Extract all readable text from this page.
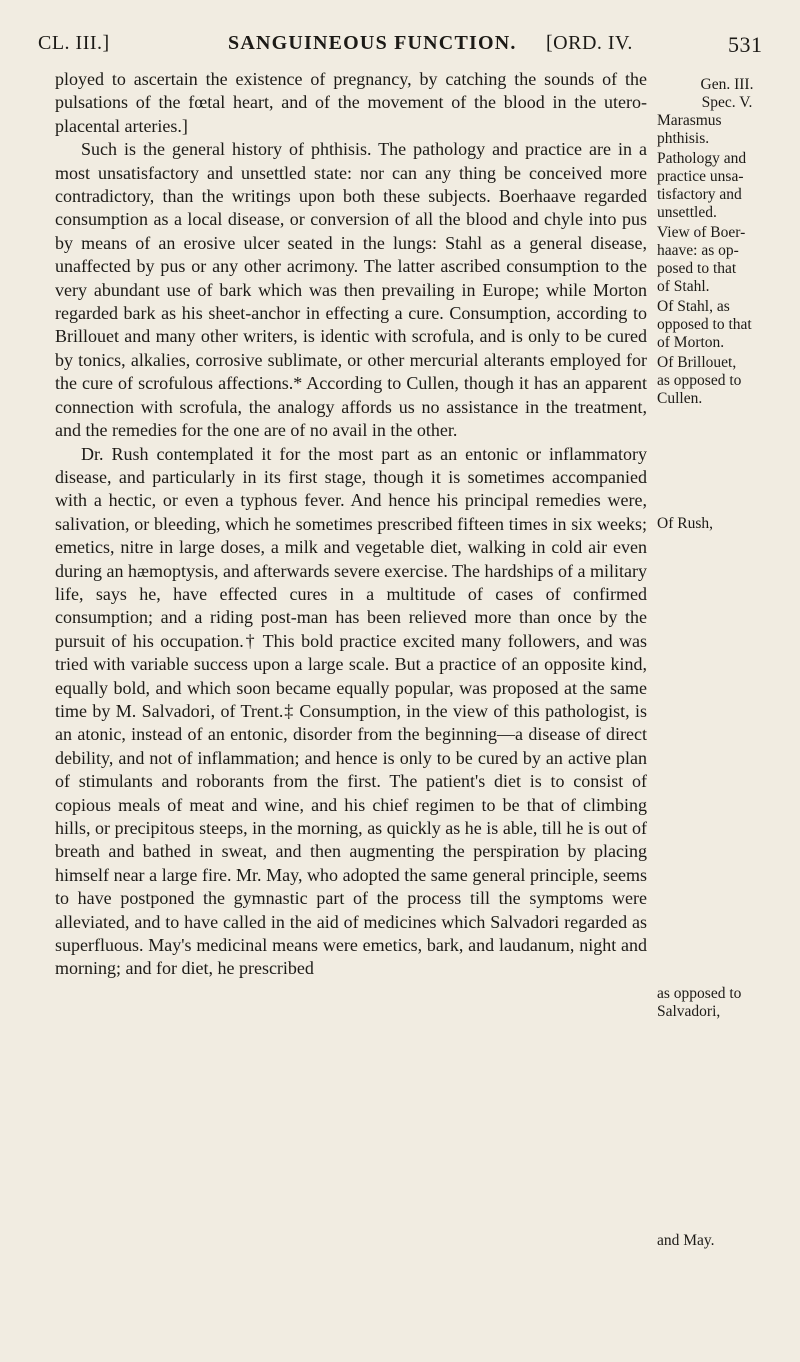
CL. III.]	SANGUINEOUS FUNCTION. [ORD. IV.	531

ployed to ascertain the existence of pregnancy, by catching the sounds of the pulsations of the fœtal heart, and of the movement of the blood in the utero-placental arteries.]

Such is the general history of phthisis. The pathology and practice are in a most unsatisfactory and unsettled state: nor can any thing be conceived more contradictory, than the writings upon both these subjects. Boerhaave regarded consumption as a local disease, or conversion of all the blood and chyle into pus by means of an erosive ulcer seated in the lungs: Stahl as a general disease, unaffected by pus or any other acrimony. The latter ascribed consumption to the very abundant use of bark which was then prevailing in Europe; while Morton regarded bark as his sheet-anchor in effecting a cure. Consumption, according to Brillouet and many other writers, is identic with scrofula, and is only to be cured by tonics, alkalies, corrosive sublimate, or other mercurial alterants employed for the cure of scrofulous affections.* According to Cullen, though it has an apparent connection with scrofula, the analogy affords us no assistance in the treatment, and the remedies for the one are of no avail in the other.

Dr. Rush contemplated it for the most part as an entonic or inflammatory disease, and particularly in its first stage, though it is sometimes accompanied with a hectic, or even a typhous fever. And hence his principal remedies were, salivation, or bleeding, which he sometimes prescribed fifteen times in six weeks; emetics, nitre in large doses, a milk and vegetable diet, walking in cold air even during an hæmoptysis, and afterwards severe exercise. The hardships of a military life, says he, have effected cures in a multitude of cases of confirmed consumption; and a riding post-man has been relieved more than once by the pursuit of his occupation.† This bold practice excited many followers, and was tried with variable success upon a large scale. But a practice of an opposite kind, equally bold, and which soon became equally popular, was proposed at the same time by M. Salvadori, of Trent.‡ Consumption, in the view of this pathologist, is an atonic, instead of an entonic, disorder from the beginning—a disease of direct debility, and not of inflammation; and hence is only to be cured by an active plan of stimulants and roborants from the first. The patient's diet is to consist of copious meals of meat and wine, and his chief regimen to be that of climbing hills, or precipitous steeps, in the morning, as quickly as he is able, till he is out of breath and bathed in sweat, and then augmenting the perspiration by placing himself near a large fire. Mr. May, who adopted the same general principle, seems to have postponed the gymnastic part of the process till the symptoms were alleviated, and to have called in the aid of medicines which Salvadori regarded as superfluous. May's medicinal means were emetics, bark, and laudanum, night and morning; and for diet, he prescribed

Gen. III.
Spec. V.
Marasmus
phthisis.
Pathology and
practice unsa-
tisfactory and
unsettled.
View of Boer-
haave: as op-
posed to that
of Stahl.
Of Stahl, as
opposed to that
of Morton.
Of Brillouet,
as opposed to
Cullen.
Of Rush,
as opposed to
Salvadori,
and May.
